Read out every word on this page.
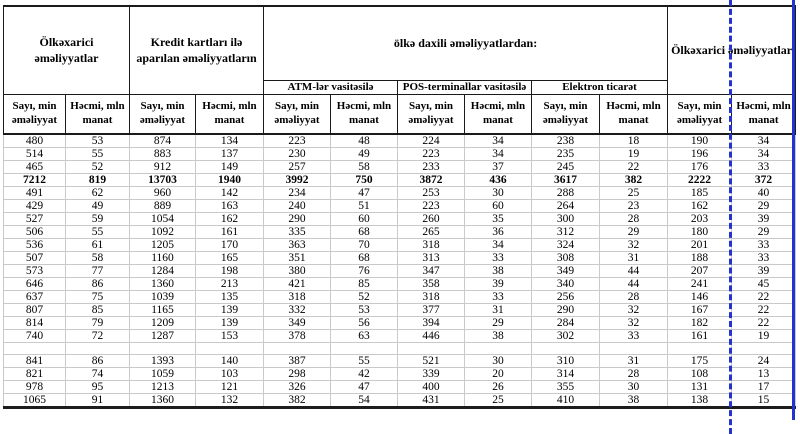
Ölkəxarici əməliyyatlar		Kredit kartları ilə aparılan əməliyyatların		ölkə daxili əməliyyatlardan:						Ölkəxarici əməliyyatlar	
				ATM-lər vasitəsilə		POS-terminallar vasitəsilə		Elektron ticarət			
Sayı, min əməliyyat	Həcmi, mln manat	Sayı, min əməliyyat	Həcmi, mln manat	Sayı, min əməliyyat	Həcmi, mln manat	Sayı, min əməliyyat	Həcmi, mln manat	Sayı, min əməliyyat	Həcmi, mln manat	Sayı, min əməliyyat	Həcmi, mln manat
480	53	874	134	223	48	224	34	238	18	190	34
514	55	883	137	230	49	223	34	235	19	196	34
465	52	912	149	257	58	233	37	245	22	176	33
7212	819	13703	1940	3992	750	3872	436	3617	382	2222	372
491	62	960	142	234	47	253	30	288	25	185	40
429	49	889	163	240	51	223	60	264	23	162	29
527	59	1054	162	290	60	260	35	300	28	203	39
506	55	1092	161	335	68	265	36	312	29	180	29
536	61	1205	170	363	70	318	34	324	32	201	33
507	58	1160	165	351	68	313	33	308	31	188	33
573	77	1284	198	380	76	347	38	349	44	207	39
646	86	1360	213	421	85	358	39	340	44	241	45
637	75	1039	135	318	52	318	33	256	28	146	22
807	85	1165	139	332	53	377	31	290	32	167	22
814	79	1209	139	349	56	394	29	284	32	182	22
740	72	1287	153	378	63	446	38	302	33	161	19

841	86	1393	140	387	55	521	30	310	31	175	24
821	74	1059	103	298	42	339	20	314	28	108	13
978	95	1213	121	326	47	400	26	355	30	131	17
1065	91	1360	132	382	54	431	25	410	38	138	15
